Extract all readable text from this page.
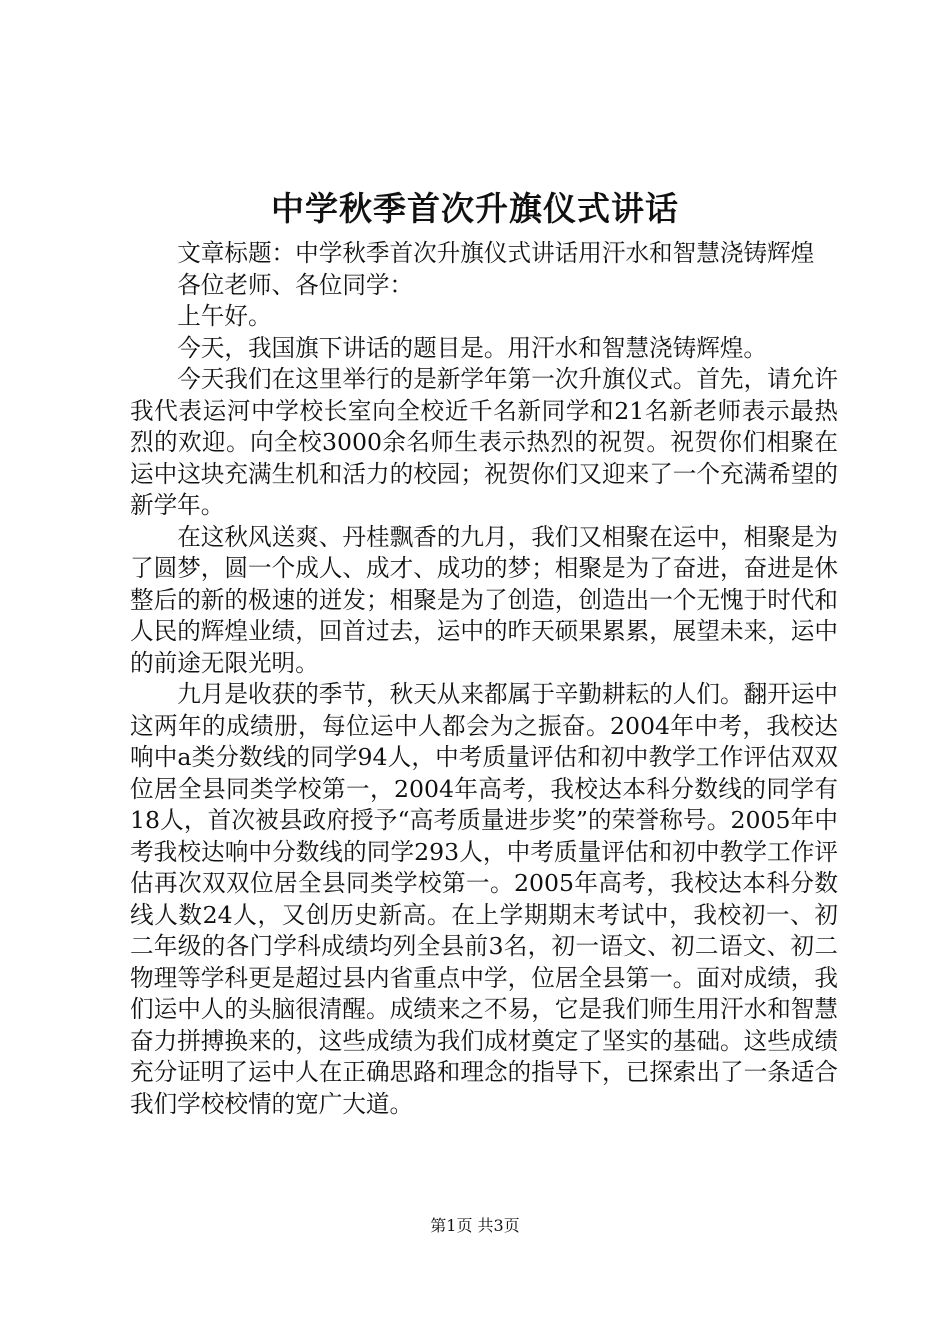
中学秋季首次升旗仪式讲话

文章标题：中学秋季首次升旗仪式讲话用汗水和智慧浇铸辉煌

各位老师、各位同学：

上午好。

今天，我国旗下讲话的题目是。用汗水和智慧浇铸辉煌。

今天我们在这里举行的是新学年第一次升旗仪式。首先，请允许我代表运河中学校长室向全校近千名新同学和21名新老师表示最热烈的欢迎。向全校3000余名师生表示热烈的祝贺。祝贺你们相聚在运中这块充满生机和活力的校园；祝贺你们又迎来了一个充满希望的新学年。

在这秋风送爽、丹桂飘香的九月，我们又相聚在运中，相聚是为了圆梦，圆一个成人、成才、成功的梦；相聚是为了奋进，奋进是休整后的新的极速的迸发；相聚是为了创造，创造出一个无愧于时代和人民的辉煌业绩，回首过去，运中的昨天硕果累累，展望未来，运中的前途无限光明。

九月是收获的季节，秋天从来都属于辛勤耕耘的人们。翻开运中这两年的成绩册，每位运中人都会为之振奋。2004年中考，我校达响中a类分数线的同学94人，中考质量评估和初中教学工作评估双双位居全县同类学校第一，2004年高考，我校达本科分数线的同学有18人，首次被县政府授予“高考质量进步奖”的荣誉称号。2005年中考我校达响中分数线的同学293人，中考质量评估和初中教学工作评估再次双双位居全县同类学校第一。2005年高考，我校达本科分数线人数24人，又创历史新高。在上学期期末考试中，我校初一、初二年级的各门学科成绩均列全县前3名，初一语文、初二语文、初二物理等学科更是超过县内省重点中学，位居全县第一。面对成绩，我们运中人的头脑很清醒。成绩来之不易，它是我们师生用汗水和智慧奋力拼搏换来的，这些成绩为我们成材奠定了坚实的基础。这些成绩充分证明了运中人在正确思路和理念的指导下，已探索出了一条适合我们学校校情的宽广大道。

第1页 共3页
